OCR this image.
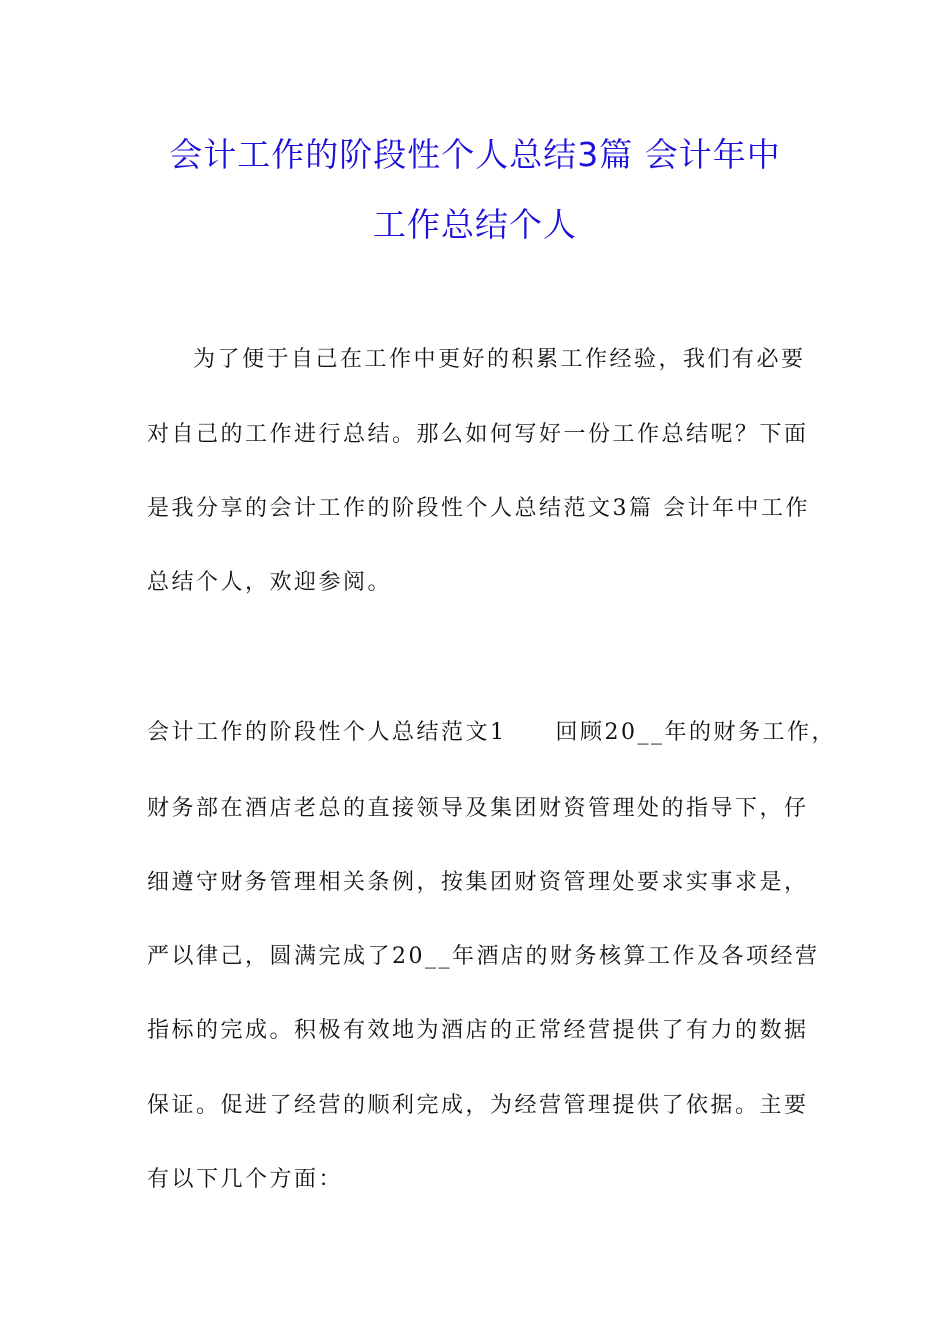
会计工作的阶段性个人总结3篇 会计年中
工作总结个人
为了便于自己在工作中更好的积累工作经验，我们有必要
对自己的工作进行总结。那么如何写好一份工作总结呢？下面
是我分享的会计工作的阶段性个人总结范文3篇 会计年中工作
总结个人，欢迎参阅。
会计工作的阶段性个人总结范文1　　回顾20__年的财务工作，
财务部在酒店老总的直接领导及集团财资管理处的指导下，仔
细遵守财务管理相关条例，按集团财资管理处要求实事求是，
严以律己，圆满完成了20__年酒店的财务核算工作及各项经营
指标的完成。积极有效地为酒店的正常经营提供了有力的数据
保证。促进了经营的顺利完成，为经营管理提供了依据。主要
有以下几个方面：
